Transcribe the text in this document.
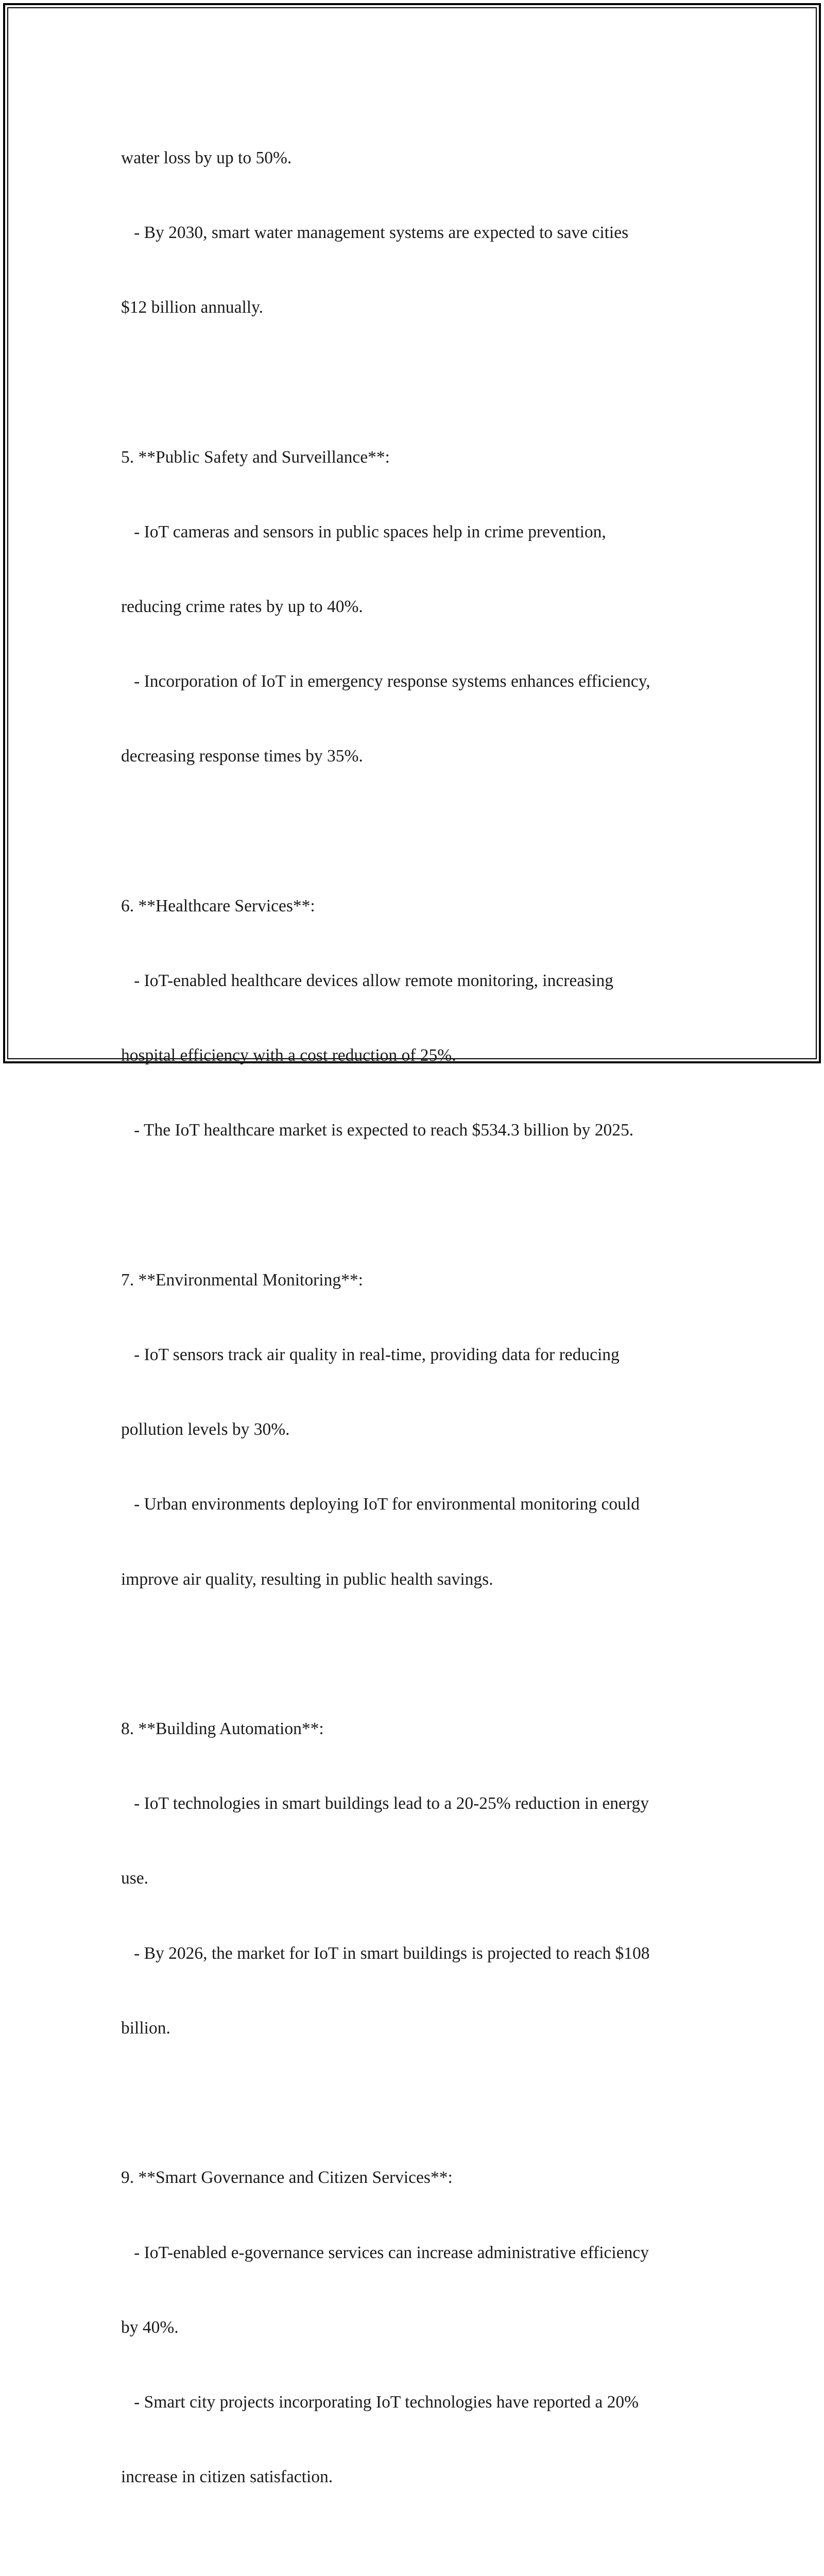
water loss by up to 50%.

- By 2030, smart water management systems are expected to save cities

$12 billion annually.

5. **Public Safety and Surveillance**:

- IoT cameras and sensors in public spaces help in crime prevention,

reducing crime rates by up to 40%.

- Incorporation of IoT in emergency response systems enhances efficiency,

decreasing response times by 35%.

6. **Healthcare Services**:

- IoT-enabled healthcare devices allow remote monitoring, increasing

hospital efficiency with a cost reduction of 25%.

- The IoT healthcare market is expected to reach $534.3 billion by 2025.

7. **Environmental Monitoring**:

- IoT sensors track air quality in real-time, providing data for reducing

pollution levels by 30%.

- Urban environments deploying IoT for environmental monitoring could

improve air quality, resulting in public health savings.

8. **Building Automation**:

- IoT technologies in smart buildings lead to a 20-25% reduction in energy

use.

- By 2026, the market for IoT in smart buildings is projected to reach $108

billion.

9. **Smart Governance and Citizen Services**:

- IoT-enabled e-governance services can increase administrative efficiency

by 40%.

- Smart city projects incorporating IoT technologies have reported a 20%

increase in citizen satisfaction.
